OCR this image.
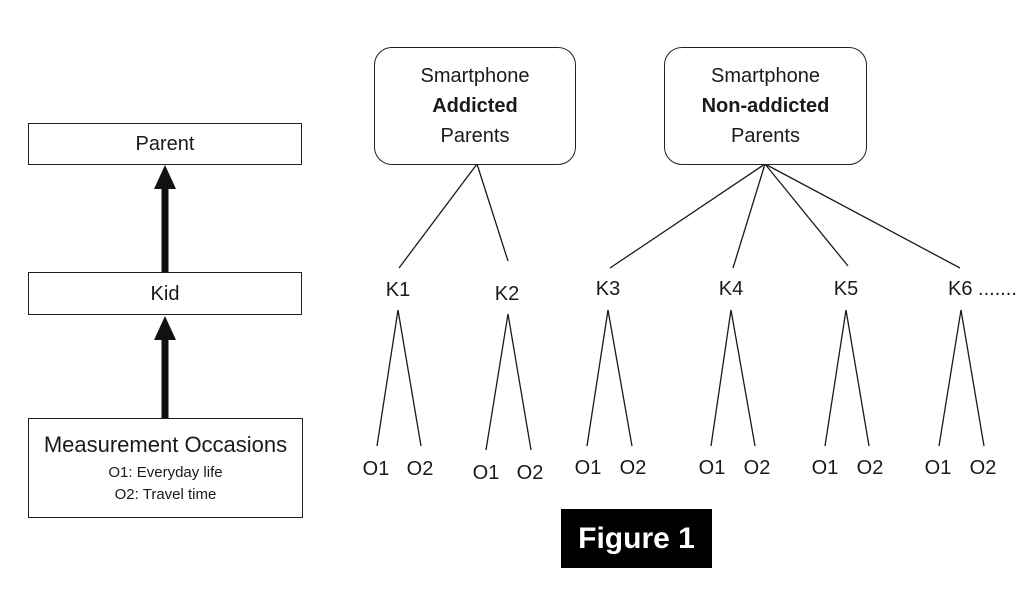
Parent
Kid
Measurement Occasions
O1: Everyday life
O2: Travel time
Smartphone
Addicted
Parents
Smartphone
Non-addicted
Parents
K1	K2	K3	K4	K5	K6 .......
O1 O2 O1 O2 O1 O2	O1 O2 O1 O2 O1 O2
Figure 1
